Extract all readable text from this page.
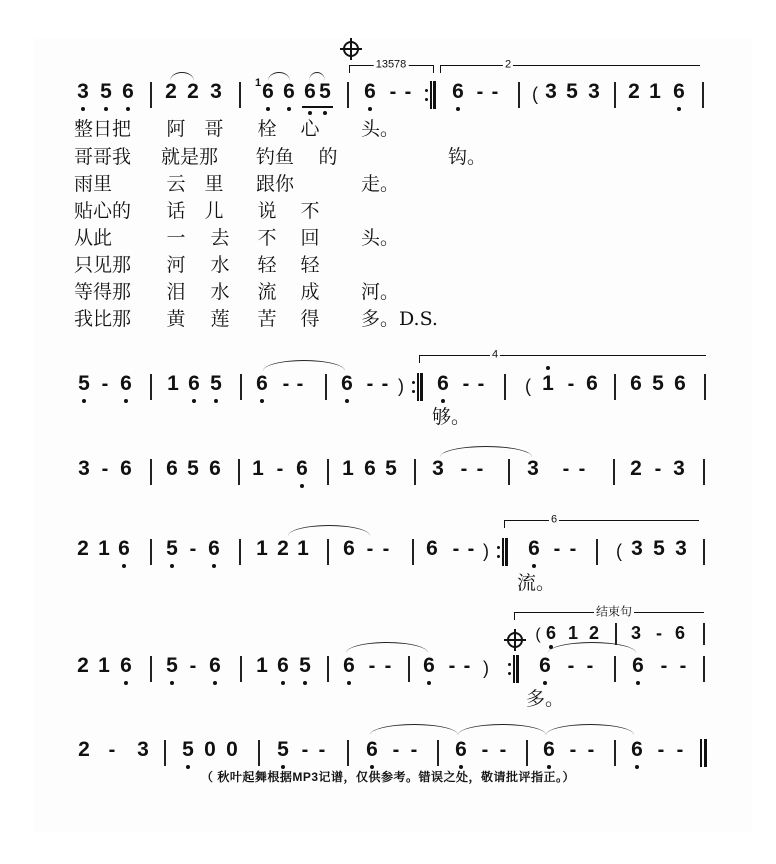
13578	2
3 5 6 2 2 3	1 6 6 6 5 6 - - 6 - - ( 3 5 3 2 1 6
整日把 阿 哥 栓 心 头。
哥哥我 就是那 钓鱼 的	钩。
雨里	云 里 跟你	走。
贴心的 话 儿 说 不
从此	一 去 不 回 头。
只见那 河 水 轻 轻
等得那 泪 水 流 成 河。
我比那 黄 莲 苦 得 多。D.S.
4
5 - 6 1 6 5 6 - - 6 - - ) 6 - - ( 1 - 6 6 5 6
够。
3 - 6 6 5 6 1 - 6 1 6 5 3 - - 3 - - 2 - 3
6
2 1 6 5 - 6 1 2 1 6 - - 6 - - ) 6 - - ( 3 5 3
流。
结束句
( 6 1 2 3 - 6
2 1 6 5 - 6 1 6 5 6 - - 6 - - ) 6 - - 6 - -
多。
2 - 3 5 0 0 5 - - 6 - - 6 - - 6 - - 6 - -
（ 秋叶起舞根据MP3记谱，仅供参考。错误之处，敬请批评指正。）
